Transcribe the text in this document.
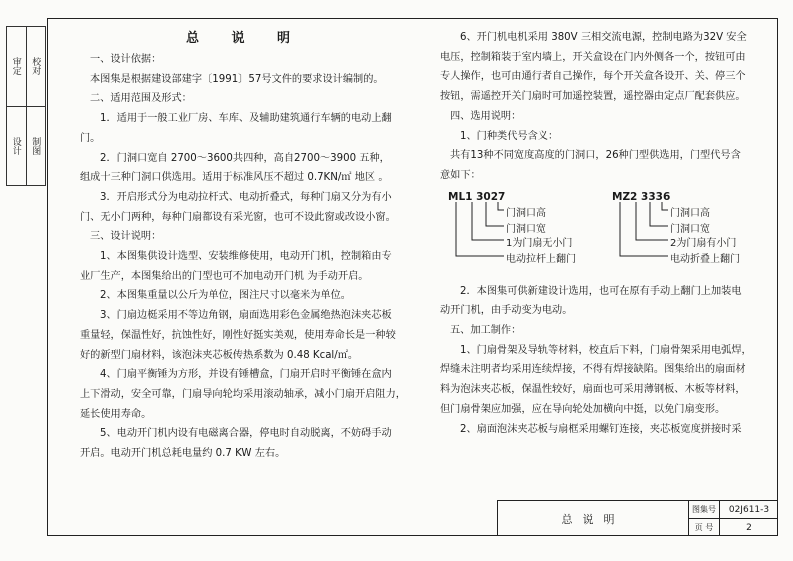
审定	校对
设计	制图
总 说 明

一、设计依据：

本图集是根据建设部建字〔1991〕57号文件的要求设计编制的。

二、适用范围及形式：

1．适用于一般工业厂房、车库、及辅助建筑通行车辆的电动上翻

门。

2．门洞口宽自 2700～3600共四种，高自2700～3900 五种，

组成十三种门洞口供选用。适用于标准风压不超过 0.7KN/㎡ 地区 。

3．开启形式分为电动拉杆式、电动折叠式，每种门扇又分为有小

门、无小门两种，每种门扇都设有采光窗，也可不设此窗或改设小窗。

三、设计说明：

1、本图集供设计选型、安装维修使用，电动开门机，控制箱由专

业厂生产，本图集给出的门型也可不加电动开门机 为手动开启。

2、本图集重量以公斤为单位，图注尺寸以毫米为单位。

3、门扇边梃采用不等边角钢，扇面选用彩色金属绝热泡沫夹芯板

重量轻，保温性好，抗蚀性好，刚性好挺实美观，使用寿命长是一种较

好的新型门扇材料，该泡沫夹芯板传热系数为 0.48 Kcal/㎡。

4、门扇平衡锤为方形，并设有锤槽盒，门扇开启时平衡锤在盒内

上下滑动，安全可靠，门扇导向轮均采用滚动轴承，减小门扇开启阻力，

延长使用寿命。

5、电动开门机内设有电磁离合器，停电时自动脱离，不妨碍手动

开启。电动开门机总耗电量约 0.7 KW 左右。

6、开门机电机采用 380V 三相交流电源，控制电路为32V 安全

电压，控制箱装于室内墙上，开关盒设在门内外侧各一个，按钮可由

专人操作，也可由通行者自己操作，每个开关盒各设开、关、停三个

按钮，需遥控开关门扇时可加遥控装置，遥控器由定点厂配套供应。

四、选用说明：

1、门种类代号含义：

共有13种不同宽度高度的门洞口，26种门型供选用，门型代号含

意如下：

ML1 3027
门洞口高
门洞口宽
1为门扇无小门
电动拉杆上翻门
MZ2 3336
门洞口高
门洞口宽
2为门扇有小门
电动折叠上翻门

2．本图集可供新建设计选用，也可在原有手动上翻门上加装电

动开门机，由手动变为电动。

五、加工制作：

1、门扇骨架及导轨等材料，校直后下料，门扇骨架采用电弧焊，

焊缝未注明者均采用连续焊接，不得有焊接缺陷。图集给出的扇面材

料为泡沫夹芯板，保温性较好，扇面也可采用薄钢板、木板等材料，

但门扇骨架应加强，应在导向轮处加横向中挺，以免门扇变形。

2、扇面泡沫夹芯板与扇框采用螺钉连接，夹芯板宽度拼接时采

总说明
图集号	02J611-3
页 号	2
